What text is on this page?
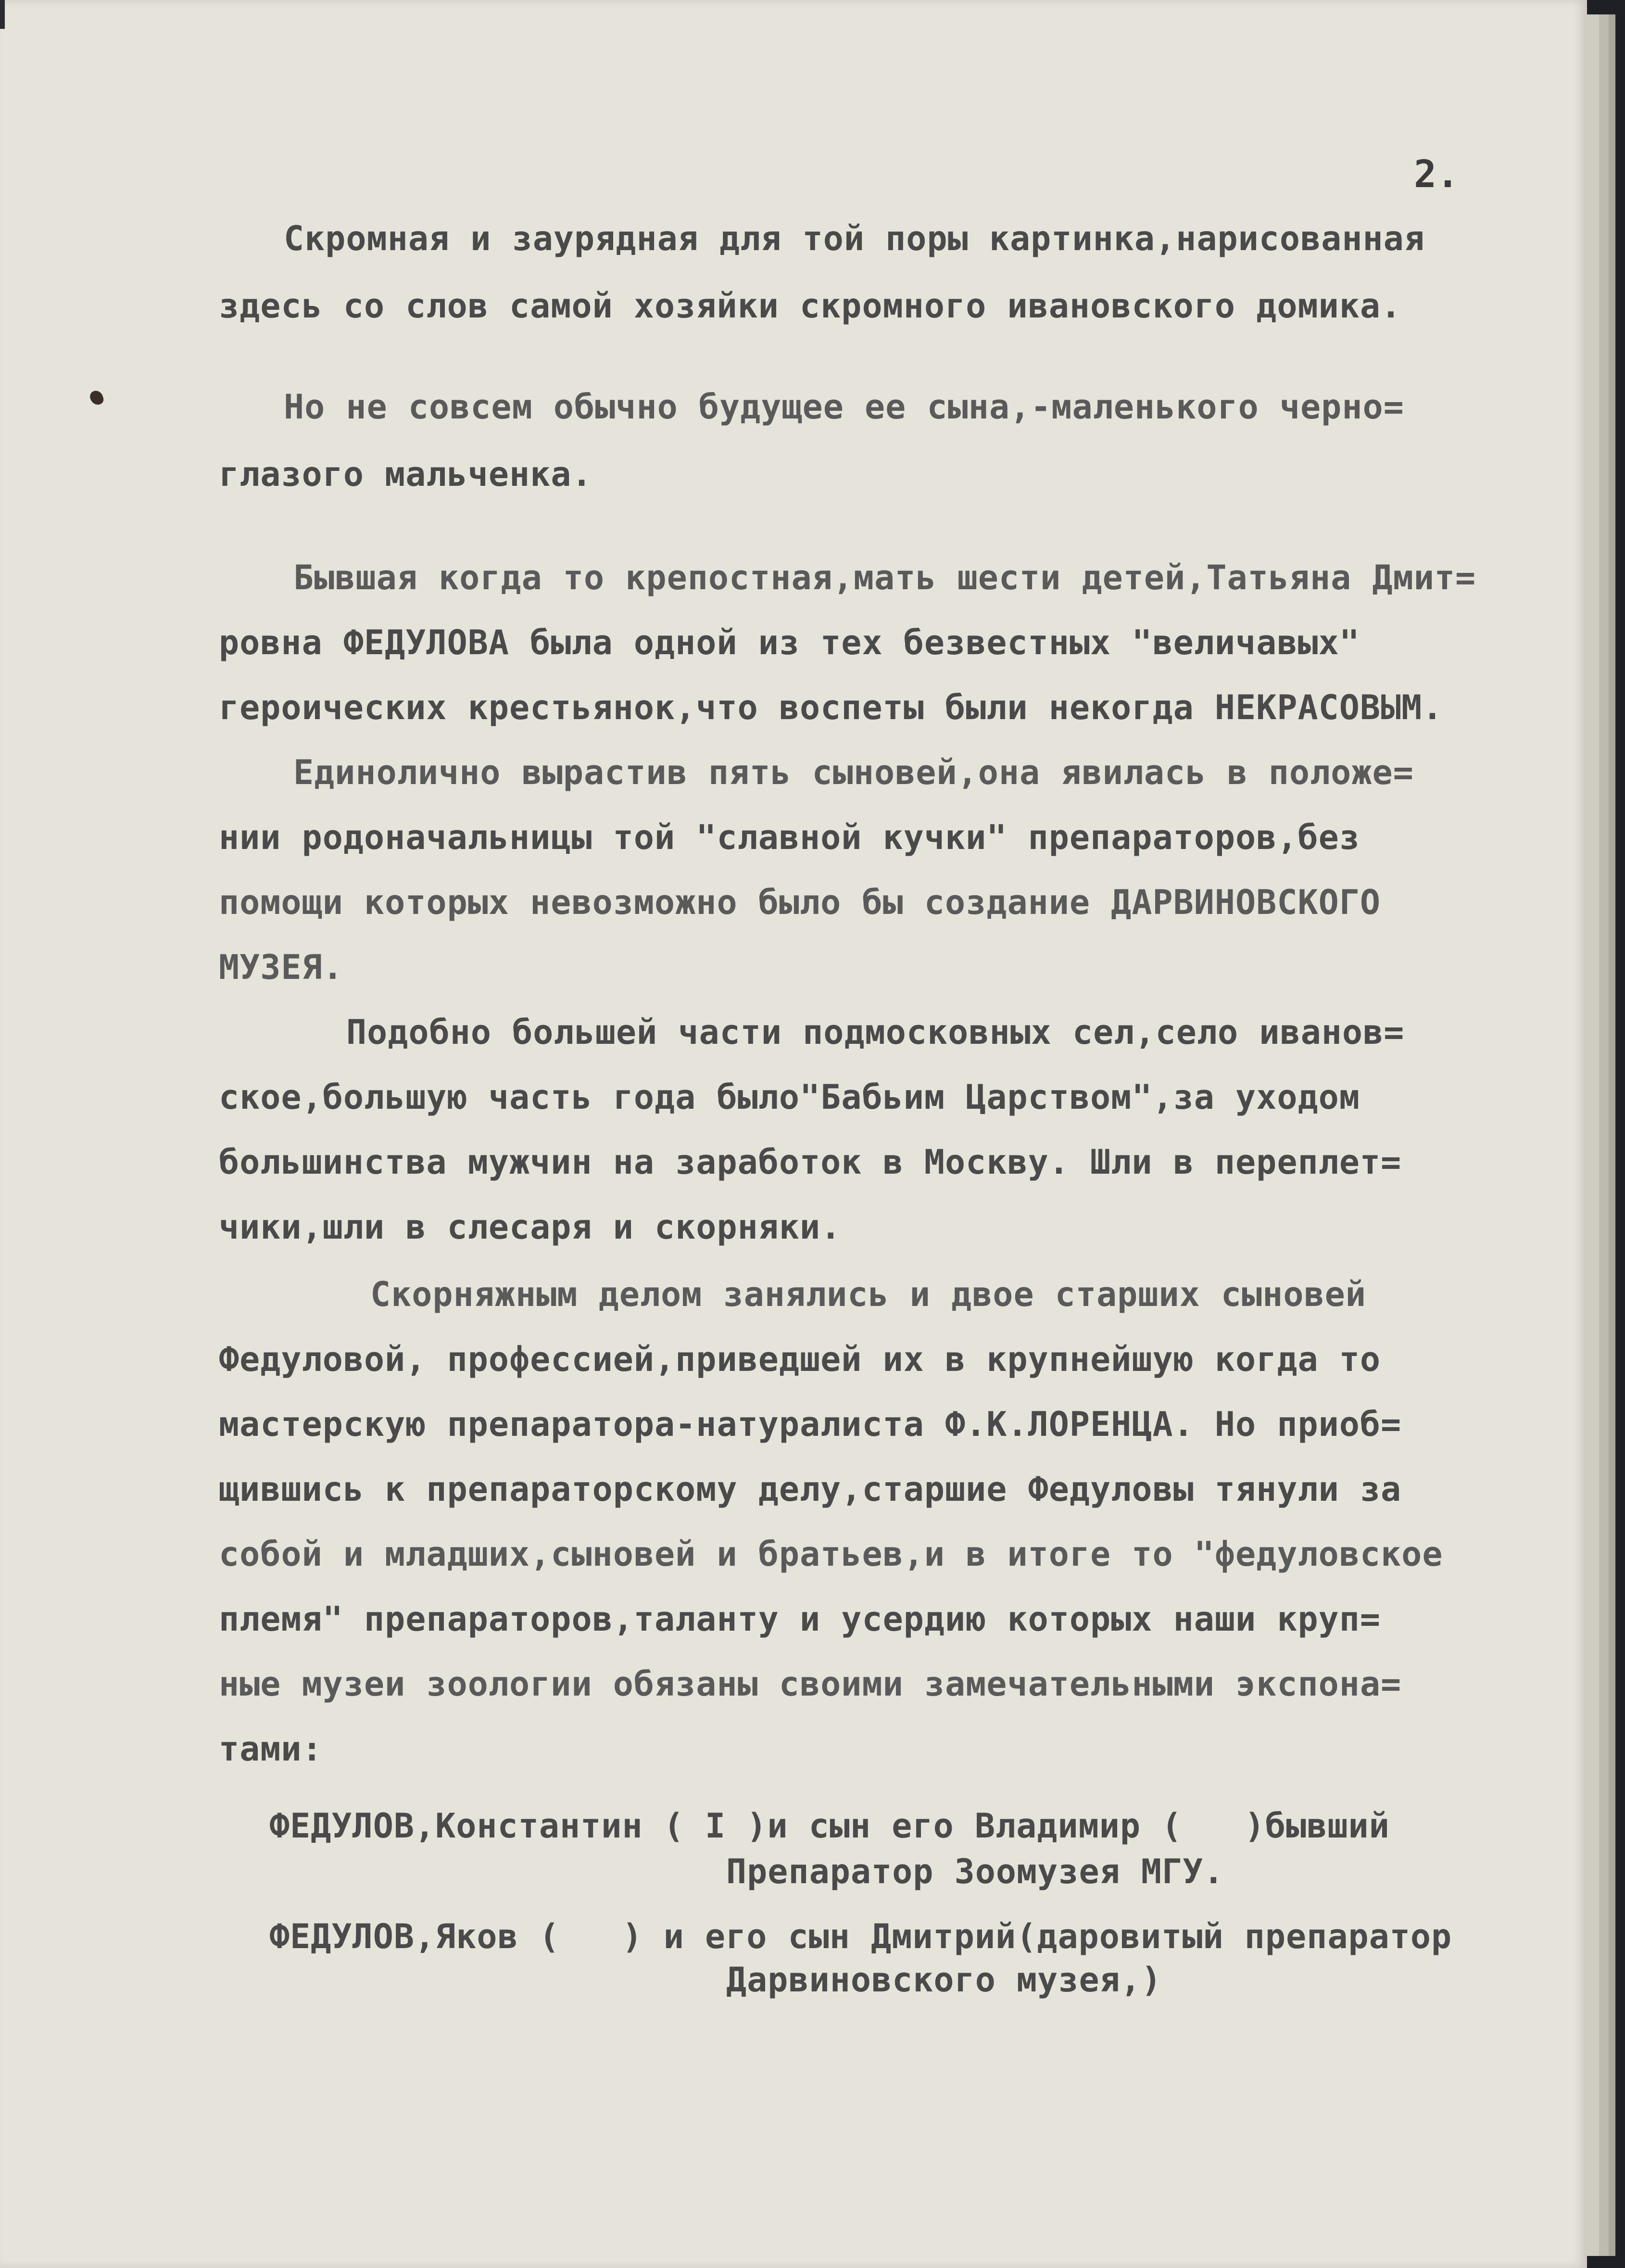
2.
Скромная и заурядная для той поры картинка,нарисованная
здесь со слов самой хозяйки скромного ивановского домика.
Но не совсем обычно будущее ее сына,-маленького черно=
глазого мальченка.
Бывшая когда то крепостная,мать шести детей,Татьяна Дмит=
ровна ФЕДУЛОВА была одной из тех безвестных "величавых"
героических крестьянок,что воспеты были некогда НЕКРАСОВЫМ.
Единолично вырастив пять сыновей,она явилась в положе=
нии родоначальницы той "славной кучки" препараторов,без
помощи которых невозможно было бы создание ДАРВИНОВСКОГО
МУЗЕЯ.
Подобно большей части подмосковных сел,село иванов=
ское,большую часть года было"Бабьим Царством",за уходом
большинства мужчин на заработок в Москву. Шли в переплет=
чики,шли в слесаря и скорняки.
Скорняжным делом занялись и двое старших сыновей
Федуловой, профессией,приведшей их в крупнейшую когда то
мастерскую препаратора-натуралиста Ф.К.ЛОРЕНЦА. Но приоб=
щившись к препараторскому делу,старшие Федуловы тянули за
собой и младших,сыновей и братьев,и в итоге то "федуловское
племя" препараторов,таланту и усердию которых наши круп=
ные музеи зоологии обязаны своими замечательными экспона=
тами:
ФЕДУЛОВ,Константин ( I )и сын его Владимир (   )бывший
Препаратор Зоомузея МГУ.
ФЕДУЛОВ,Яков (   ) и его сын Дмитрий(даровитый препаратор
Дарвиновского музея,)
